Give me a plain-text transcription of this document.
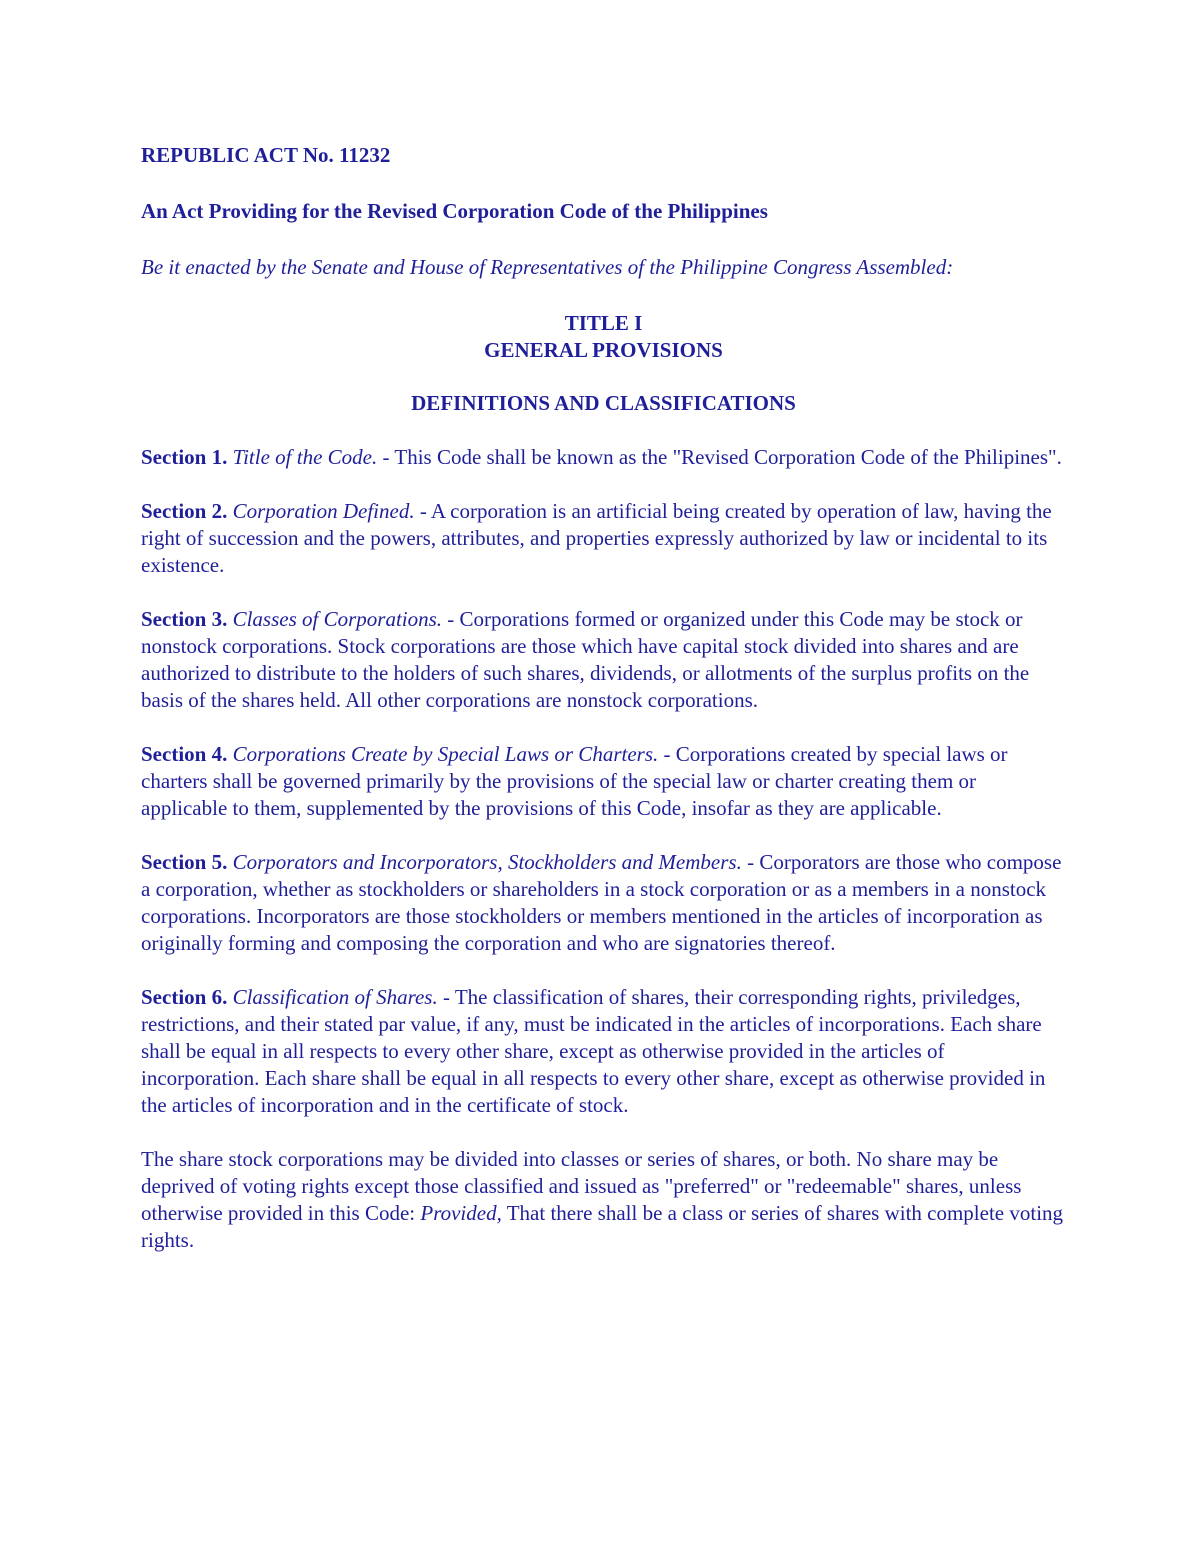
REPUBLIC ACT No. 11232

An Act Providing for the Revised Corporation Code of the Philippines

Be it enacted by the Senate and House of Representatives of the Philippine Congress Assembled:

TITLE I
GENERAL PROVISIONS

DEFINITIONS AND CLASSIFICATIONS

Section 1. Title of the Code. - This Code shall be known as the "Revised Corporation Code of the Philipines".

Section 2. Corporation Defined. - A corporation is an artificial being created by operation of law, having the right of succession and the powers, attributes, and properties expressly authorized by law or incidental to its existence.

Section 3. Classes of Corporations. - Corporations formed or organized under this Code may be stock or nonstock corporations. Stock corporations are those which have capital stock divided into shares and are authorized to distribute to the holders of such shares, dividends, or allotments of the surplus profits on the basis of the shares held. All other corporations are nonstock corporations.

Section 4. Corporations Create by Special Laws or Charters. - Corporations created by special laws or charters shall be governed primarily by the provisions of the special law or charter creating them or applicable to them, supplemented by the provisions of this Code, insofar as they are applicable.

Section 5. Corporators and Incorporators, Stockholders and Members. - Corporators are those who compose a corporation, whether as stockholders or shareholders in a stock corporation or as a members in a nonstock corporations. Incorporators are those stockholders or members mentioned in the articles of incorporation as originally forming and composing the corporation and who are signatories thereof.

Section 6. Classification of Shares. - The classification of shares, their corresponding rights, priviledges, restrictions, and their stated par value, if any, must be indicated in the articles of incorporations. Each share shall be equal in all respects to every other share, except as otherwise provided in the articles of incorporation. Each share shall be equal in all respects to every other share, except as otherwise provided in the articles of incorporation and in the certificate of stock.

The share stock corporations may be divided into classes or series of shares, or both. No share may be deprived of voting rights except those classified and issued as "preferred" or "redeemable" shares, unless otherwise provided in this Code: Provided, That there shall be a class or series of shares with complete voting rights.
